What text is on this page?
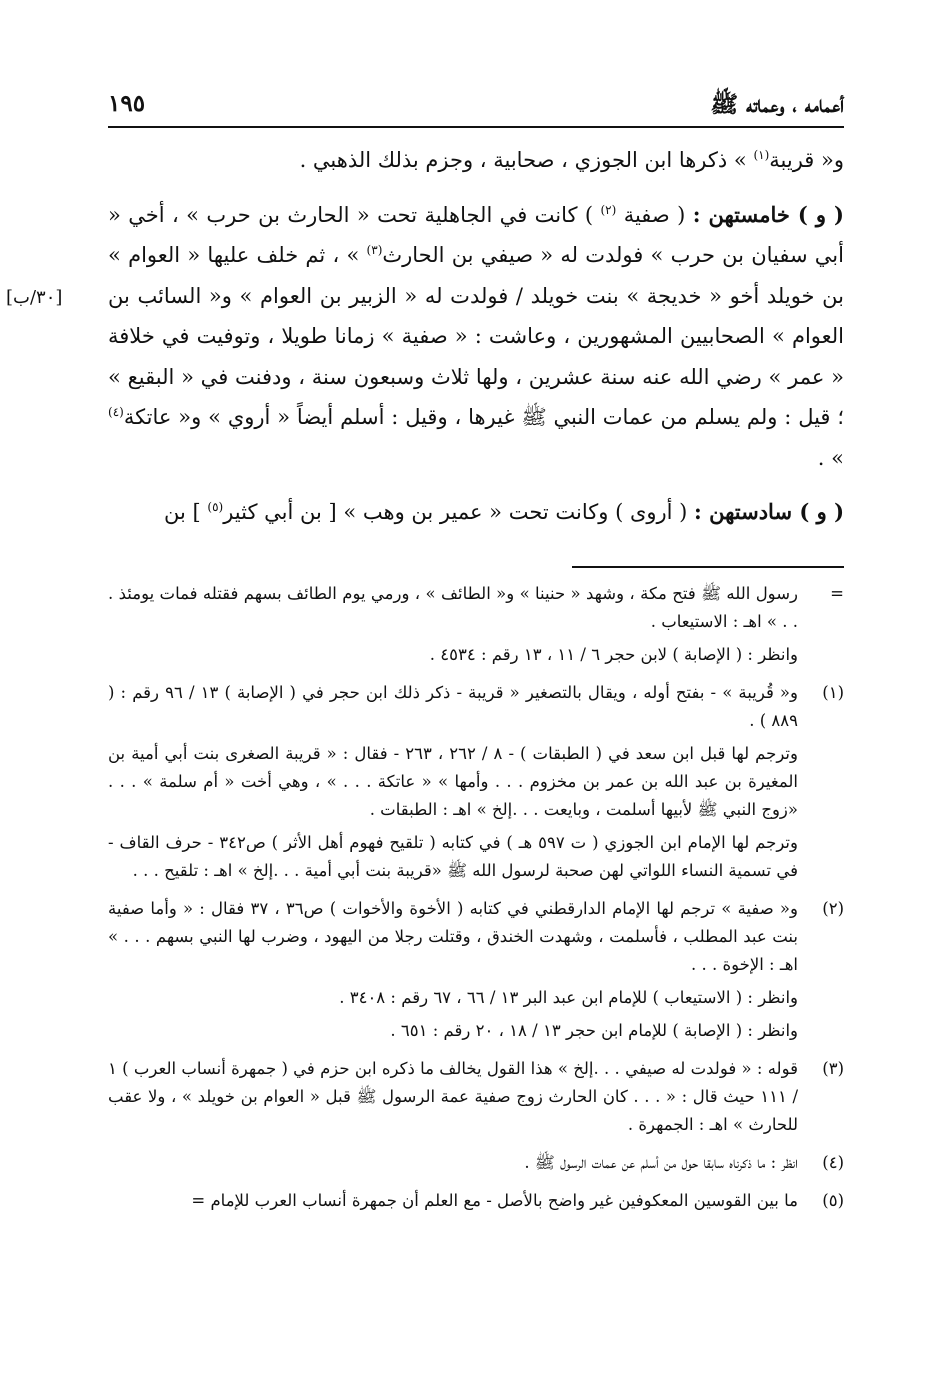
أعمامه ، وعماته ﷺ
١٩٥
[٣٠/ب]

و« قريبة$^{(١)}$ » ذكرها ابن الجوزي ، صحابية ، وجزم بذلك الذهبي .

( و ) خامستهن : ( صفية $^{(٢)}$ ) كانت في الجاهلية تحت « الحارث بن حرب » ، أخي « أبي سفيان بن حرب » فولدت له « صيفي بن الحارث$^{(٣)}$ » ، ثم خلف عليها « العوام » بن خويلد أخو « خديجة » بنت خويلد / فولدت له « الزبير بن العوام » و« السائب بن العوام » الصحابيين المشهورين ، وعاشت : « صفية » زمانا طويلا ، وتوفيت في خلافة « عمر » رضي الله عنه سنة عشرين ، ولها ثلاث وسبعون سنة ، ودفنت في « البقيع » ؛ قيل : ولم يسلم من عمات النبي ﷺ غيرها ، وقيل : أسلم أيضاً « أروي » و« عاتكة$^{(٤)}$ » .

( و ) سادستهن : ( أروى ) وكانت تحت « عمير بن وهب » [ بن أبي كثير$^{(٥)}$ ] بن

=

رسول الله ﷺ فتح مكة ، وشهد « حنينا » و« الطائف » ، ورمي يوم الطائف بسهم فقتله فمات يومئذ . . . » اهـ : الاستيعاب .

وانظر : ( الإصابة ) لابن حجر ٦ / ١١ ، ١٣ رقم : ٤٥٣٤ .

(١)

و« قُريبة » - بفتح أوله ، ويقال بالتصغير « قريبة - ذكر ذلك ابن حجر في ( الإصابة ) ١٣ / ٩٦ رقم : ( ٨٨٩ ) .

وترجم لها قبل ابن سعد في ( الطبقات ) - ٨ / ٢٦٢ ، ٢٦٣ - فقال : « قريبة الصغرى بنت أبي أمية بن المغيرة بن عبد الله بن عمر بن مخزوم . . . وأمها » « عاتكة . . . » ، وهي أخت « أم سلمة » . . . «زوج النبي ﷺ لأبيها أسلمت ، وبايعت . . .إلخ » اهـ : الطبقات .

وترجم لها الإمام ابن الجوزي ( ت ٥٩٧ هـ ) في كتابه ( تلقيح فهوم أهل الأثر ) ص٣٤٢ - حرف القاف - في تسمية النساء اللواتي لهن صحبة لرسول الله ﷺ «قريبة بنت أبي أمية . . .إلخ » اهـ : تلقيح . . .

(٢)

و« صفية » ترجم لها الإمام الدارقطني في كتابه ( الأخوة والأخوات ) ص٣٦ ، ٣٧ فقال : « وأما صفية بنت عبد المطلب ، فأسلمت ، وشهدت الخندق ، وقتلت رجلا من اليهود ، وضرب لها النبي بسهم . . . » اهـ : الإخوة . . .

وانظر : ( الاستيعاب ) للإمام ابن عبد البر ١٣ / ٦٦ ، ٦٧ رقم : ٣٤٠٨ .

وانظر : ( الإصابة ) للإمام ابن حجر ١٣ / ١٨ ، ٢٠ رقم : ٦٥١ .

(٣)

قوله : « فولدت له صيفي . . .إلخ » هذا القول يخالف ما ذكره ابن حزم في ( جمهرة أنساب العرب ) ١ / ١١١ حيث قال : « . . . كان الحارث زوج صفية عمة الرسول ﷺ قبل « العوام بن خويلد » ، ولا عقب للحارث » اهـ : الجمهرة .

(٤)

انظر : ما ذكرناه سابقا حول من أسلم عن عمات الرسول ﷺ .

(٥)

ما بين القوسين المعكوفين غير واضح بالأصل - مع العلم أن جمهرة أنساب العرب للإمام =
